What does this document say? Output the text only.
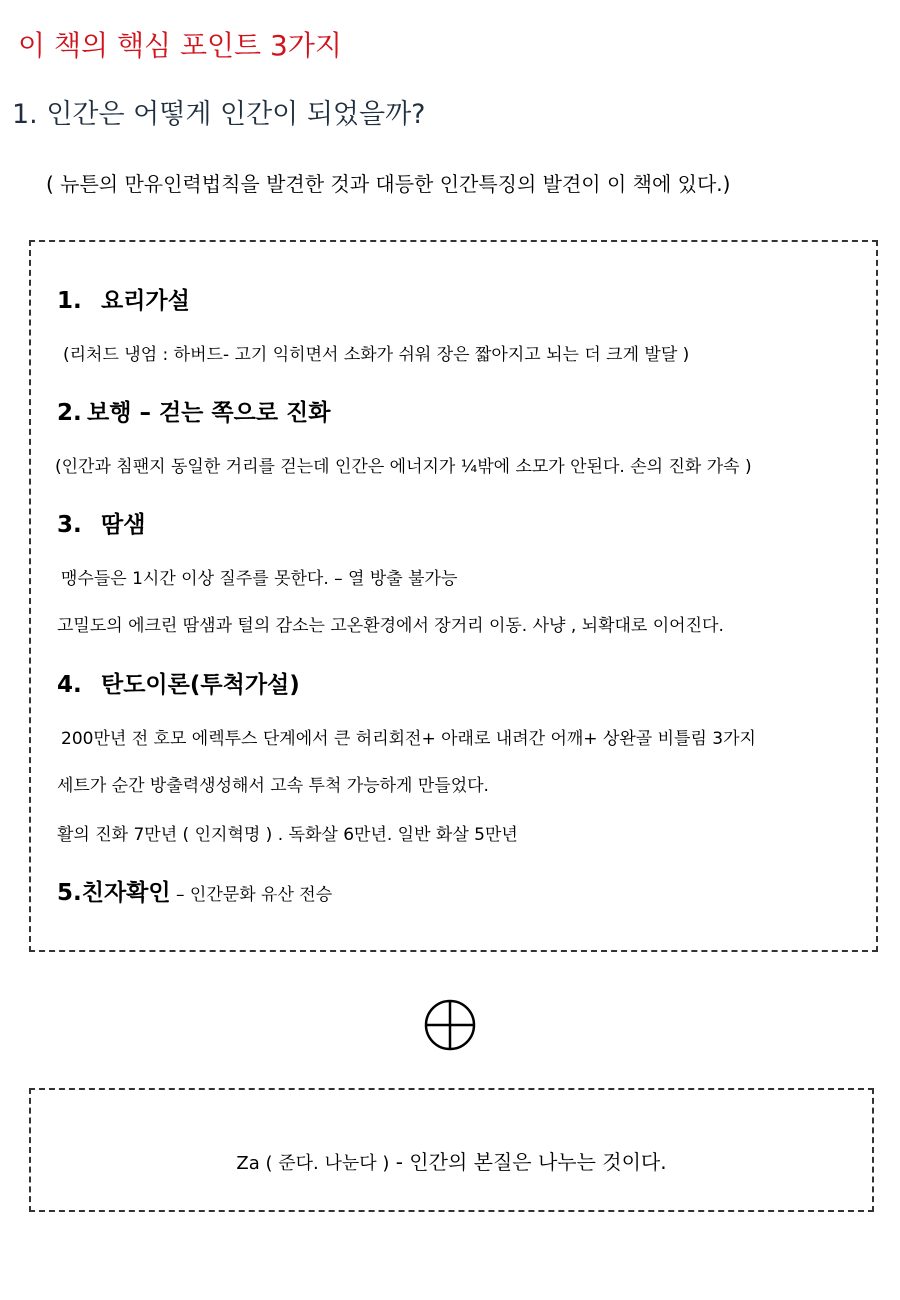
이 책의 핵심 포인트 3가지
1. 인간은 어떻게 인간이 되었을까?
( 뉴튼의 만유인력법칙을 발견한 것과 대등한 인간특징의 발견이 이 책에 있다.)
1. 요리가설
(리처드 냉엄 : 하버드- 고기 익히면서 소화가 쉬워 장은 짧아지고 뇌는 더 크게 발달 )
2. 보행 – 걷는 쪽으로 진화
(인간과 침팬지 동일한 거리를 걷는데 인간은 에너지가 ¼밖에 소모가 안된다. 손의 진화 가속 )
3. 땀샘
맹수들은 1시간 이상 질주를 못한다. – 열 방출 불가능
고밀도의 에크린 땀샘과 털의 감소는 고온환경에서 장거리 이동. 사냥 , 뇌확대로 이어진다.
4. 탄도이론(투척가설)
200만년 전 호모 에렉투스 단계에서 큰 허리회전+ 아래로 내려간 어깨+ 상완골 비틀림 3가지
세트가 순간 방출력생성해서 고속 투척 가능하게 만들었다.
활의 진화 7만년 ( 인지혁명 ) . 독화살 6만년. 일반 화살 5만년
5.친자확인 – 인간문화 유산 전승
Za ( 준다. 나눈다 ) - 인간의 본질은 나누는 것이다.
